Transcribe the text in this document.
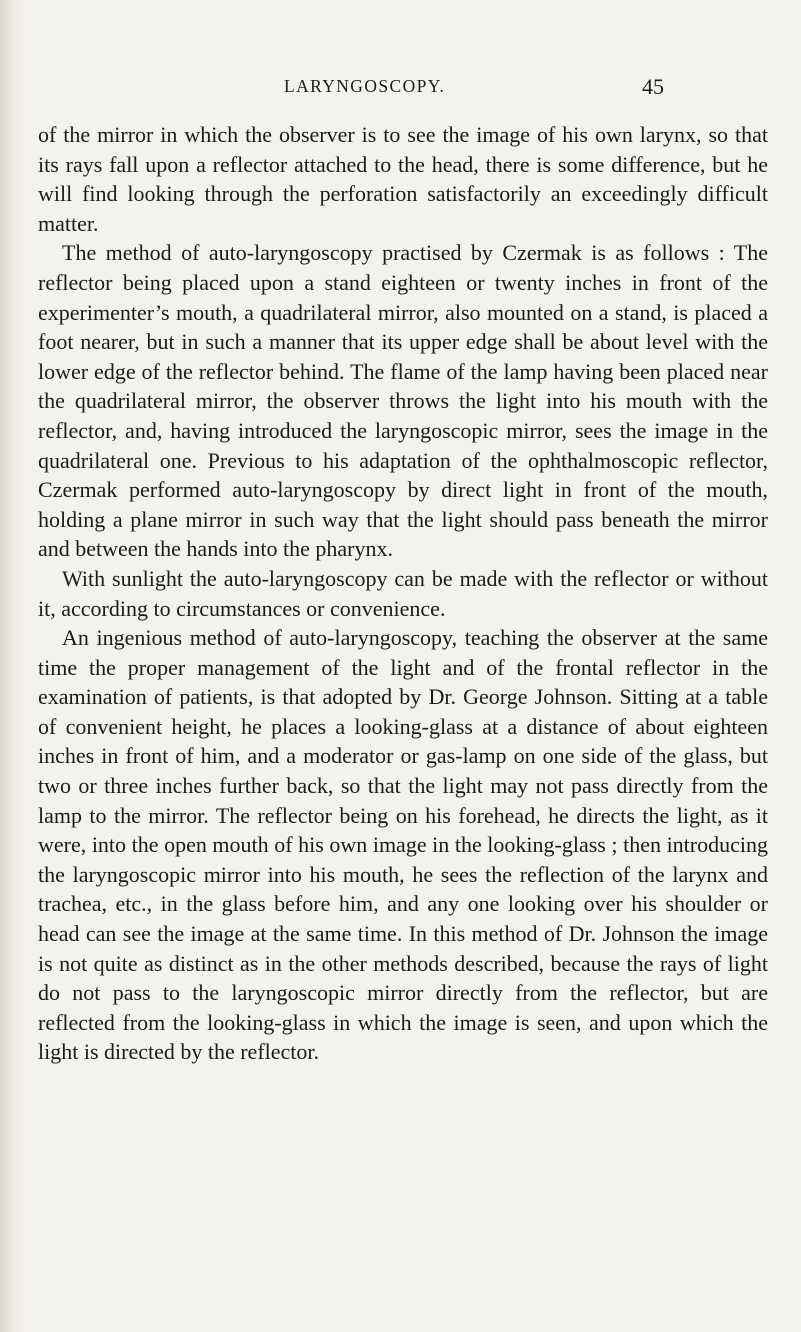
LARYNGOSCOPY.	45

of the mirror in which the observer is to see the image of his own larynx, so that its rays fall upon a reflector attached to the head, there is some difference, but he will find looking through the perforation satisfactorily an exceedingly difficult matter.

The method of auto-laryngoscopy practised by Czermak is as follows : The reflector being placed upon a stand eighteen or twenty inches in front of the experimenter’s mouth, a quadrilateral mirror, also mounted on a stand, is placed a foot nearer, but in such a manner that its upper edge shall be about level with the lower edge of the reflector behind. The flame of the lamp having been placed near the quadrilateral mirror, the observer throws the light into his mouth with the reflector, and, having introduced the laryngoscopic mirror, sees the image in the quadrilateral one. Previous to his adaptation of the ophthalmoscopic reflector, Czermak performed auto-laryngoscopy by direct light in front of the mouth, holding a plane mirror in such way that the light should pass beneath the mirror and between the hands into the pharynx.

With sunlight the auto-laryngoscopy can be made with the reflector or without it, according to circumstances or convenience.

An ingenious method of auto-laryngoscopy, teaching the observer at the same time the proper management of the light and of the frontal reflector in the examination of patients, is that adopted by Dr. George Johnson. Sitting at a table of convenient height, he places a looking-glass at a distance of about eighteen inches in front of him, and a moderator or gas-lamp on one side of the glass, but two or three inches further back, so that the light may not pass directly from the lamp to the mirror. The reflector being on his forehead, he directs the light, as it were, into the open mouth of his own image in the looking-glass ; then introducing the laryngoscopic mirror into his mouth, he sees the reflection of the larynx and trachea, etc., in the glass before him, and any one looking over his shoulder or head can see the image at the same time. In this method of Dr. Johnson the image is not quite as distinct as in the other methods described, because the rays of light do not pass to the laryngoscopic mirror directly from the reflector, but are reflected from the looking-glass in which the image is seen, and upon which the light is directed by the reflector.
